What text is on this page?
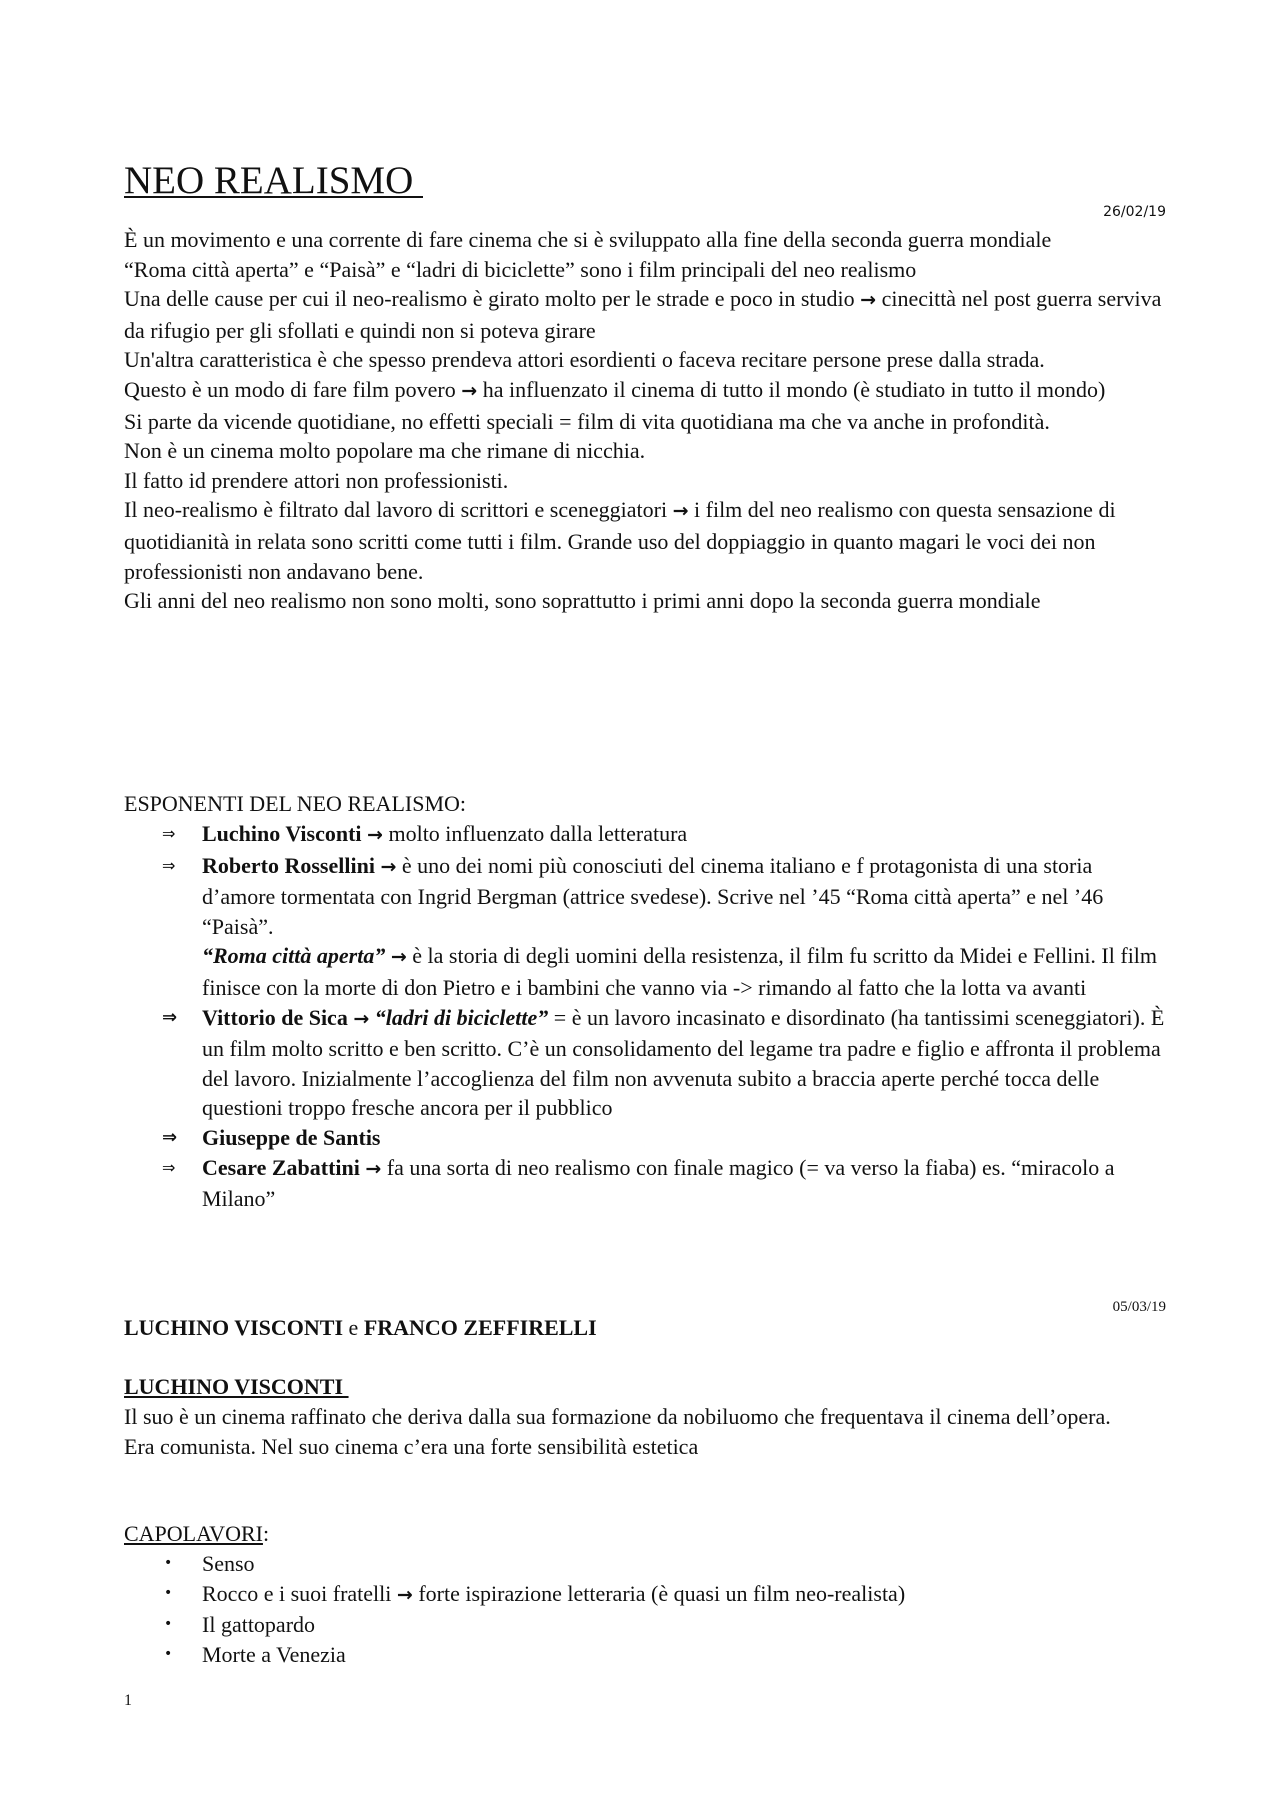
NEO REALISMO
26/02/19

È un movimento e una corrente di fare cinema che si è sviluppato alla fine della seconda guerra mondiale

“Roma città aperta” e “Paisà” e “ladri di biciclette” sono i film principali del neo realismo

Una delle cause per cui il neo-realismo è girato molto per le strade e poco in studio → cinecittà nel post guerra serviva da rifugio per gli sfollati e quindi non si poteva girare

Un'altra caratteristica è che spesso prendeva attori esordienti o faceva recitare persone prese dalla strada.

Questo è un modo di fare film povero → ha influenzato il cinema di tutto il mondo (è studiato in tutto il mondo)

Si parte da vicende quotidiane, no effetti speciali = film di vita quotidiana ma che va anche in profondità.

Non è un cinema molto popolare ma che rimane di nicchia.

Il fatto id prendere attori non professionisti.

Il neo-realismo è filtrato dal lavoro di scrittori e sceneggiatori → i film del neo realismo con questa sensazione di quotidianità in relata sono scritti come tutti i film. Grande uso del doppiaggio in quanto magari le voci dei non professionisti non andavano bene.

Gli anni del neo realismo non sono molti, sono soprattutto i primi anni dopo la seconda guerra mondiale

ESPONENTI DEL NEO REALISMO:
⇒	Luchino Visconti → molto influenzato dalla letteratura
⇒	Roberto Rossellini → è uno dei nomi più conosciuti del cinema italiano e f protagonista di una storia d’amore tormentata con Ingrid Bergman (attrice svedese). Scrive nel ’45 “Roma città aperta” e nel ’46 “Paisà”.
“Roma città aperta” → è la storia di degli uomini della resistenza, il film fu scritto da Midei e Fellini. Il film finisce con la morte di don Pietro e i bambini che vanno via -> rimando al fatto che la lotta va avanti
⇒	Vittorio de Sica → “ladri di biciclette” = è un lavoro incasinato e disordinato (ha tantissimi sceneggiatori). È un film molto scritto e ben scritto. C’è un consolidamento del legame tra padre e figlio e affronta il problema del lavoro. Inizialmente l’accoglienza del film non avvenuta subito a braccia aperte perché tocca delle questioni troppo fresche ancora per il pubblico
⇒	Giuseppe de Santis
⇒	Cesare Zabattini → fa una sorta di neo realismo con finale magico (= va verso la fiaba) es. “miracolo a Milano”
05/03/19
LUCHINO VISCONTI e FRANCO ZEFFIRELLI
LUCHINO VISCONTI

Il suo è un cinema raffinato che deriva dalla sua formazione da nobiluomo che frequentava il cinema dell’opera.

Era comunista. Nel suo cinema c’era una forte sensibilità estetica

CAPOLAVORI:
•	Senso
•	Rocco e i suoi fratelli → forte ispirazione letteraria (è quasi un film neo-realista)
•	Il gattopardo
•	Morte a Venezia
1
